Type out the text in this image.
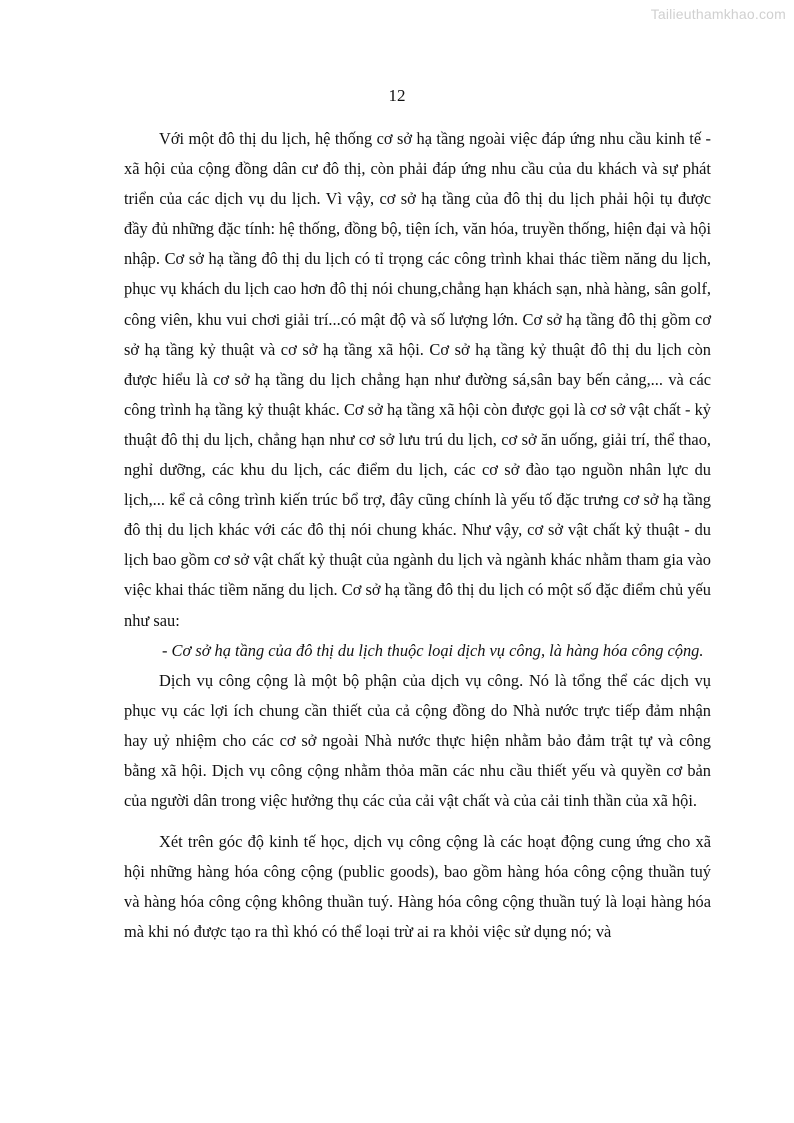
Tailieuthamkhao.com
12

Với một đô thị du lịch, hệ thống cơ sở hạ tầng ngoài việc đáp ứng nhu cầu kinh tế - xã hội của cộng đồng dân cư đô thị, còn phải đáp ứng nhu cầu của du khách và sự phát triển của các dịch vụ du lịch. Vì vậy, cơ sở hạ tầng của đô thị du lịch phải hội tụ được đầy đủ những đặc tính: hệ thống, đồng bộ, tiện ích, văn hóa, truyền thống, hiện đại và hội nhập. Cơ sở hạ tầng đô thị du lịch có tỉ trọng các công trình khai thác tiềm năng du lịch, phục vụ khách du lịch cao hơn đô thị nói chung,chẳng hạn khách sạn, nhà hàng, sân golf, công viên, khu vui chơi giải trí...có mật độ và số lượng lớn. Cơ sở hạ tầng đô thị gồm cơ sở hạ tầng kỷ thuật và cơ sở hạ tầng xã hội. Cơ sở hạ tầng kỷ thuật đô thị du lịch còn được hiểu là cơ sở hạ tầng du lịch chẳng hạn như đường sá,sân bay bến cảng,... và các công trình hạ tầng kỷ thuật khác. Cơ sở hạ tầng xã hội còn được gọi là cơ sở vật chất - kỷ thuật đô thị du lịch, chẳng hạn như cơ sở lưu trú du lịch, cơ sở ăn uống, giải trí, thể thao, nghỉ dưỡng, các khu du lịch, các điểm du lịch, các cơ sở đào tạo nguồn nhân lực du lịch,... kể cả công trình kiến trúc bổ trợ, đây cũng chính là yếu tố đặc trưng cơ sở hạ tầng đô thị du lịch khác với các đô thị nói chung khác. Như vậy, cơ sở vật chất kỷ thuật - du lịch bao gồm cơ sở vật chất kỷ thuật của ngành du lịch và ngành khác nhằm tham gia vào việc khai thác tiềm năng du lịch. Cơ sở hạ tầng đô thị du lịch có một số đặc điểm chủ yếu như sau:

- Cơ sở hạ tầng của đô thị du lịch thuộc loại dịch vụ công, là hàng hóa công cộng.

Dịch vụ công cộng là một bộ phận của dịch vụ công. Nó là tổng thể các dịch vụ phục vụ các lợi ích chung cần thiết của cả cộng đồng do Nhà nước trực tiếp đảm nhận hay uỷ nhiệm cho các cơ sở ngoài Nhà nước thực hiện nhằm bảo đảm trật tự và công bằng xã hội. Dịch vụ công cộng nhằm thỏa mãn các nhu cầu thiết yếu và quyền cơ bản của người dân trong việc hưởng thụ các của cải vật chất và của cải tinh thần của xã hội.

Xét trên góc độ kinh tế học, dịch vụ công cộng là các hoạt động cung ứng cho xã hội những hàng hóa công cộng (public goods), bao gồm hàng hóa công cộng thuần tuý và hàng hóa công cộng không thuần tuý. Hàng hóa công cộng thuần tuý là loại hàng hóa mà khi nó được tạo ra thì khó có thể loại trừ ai ra khỏi việc sử dụng nó; và
